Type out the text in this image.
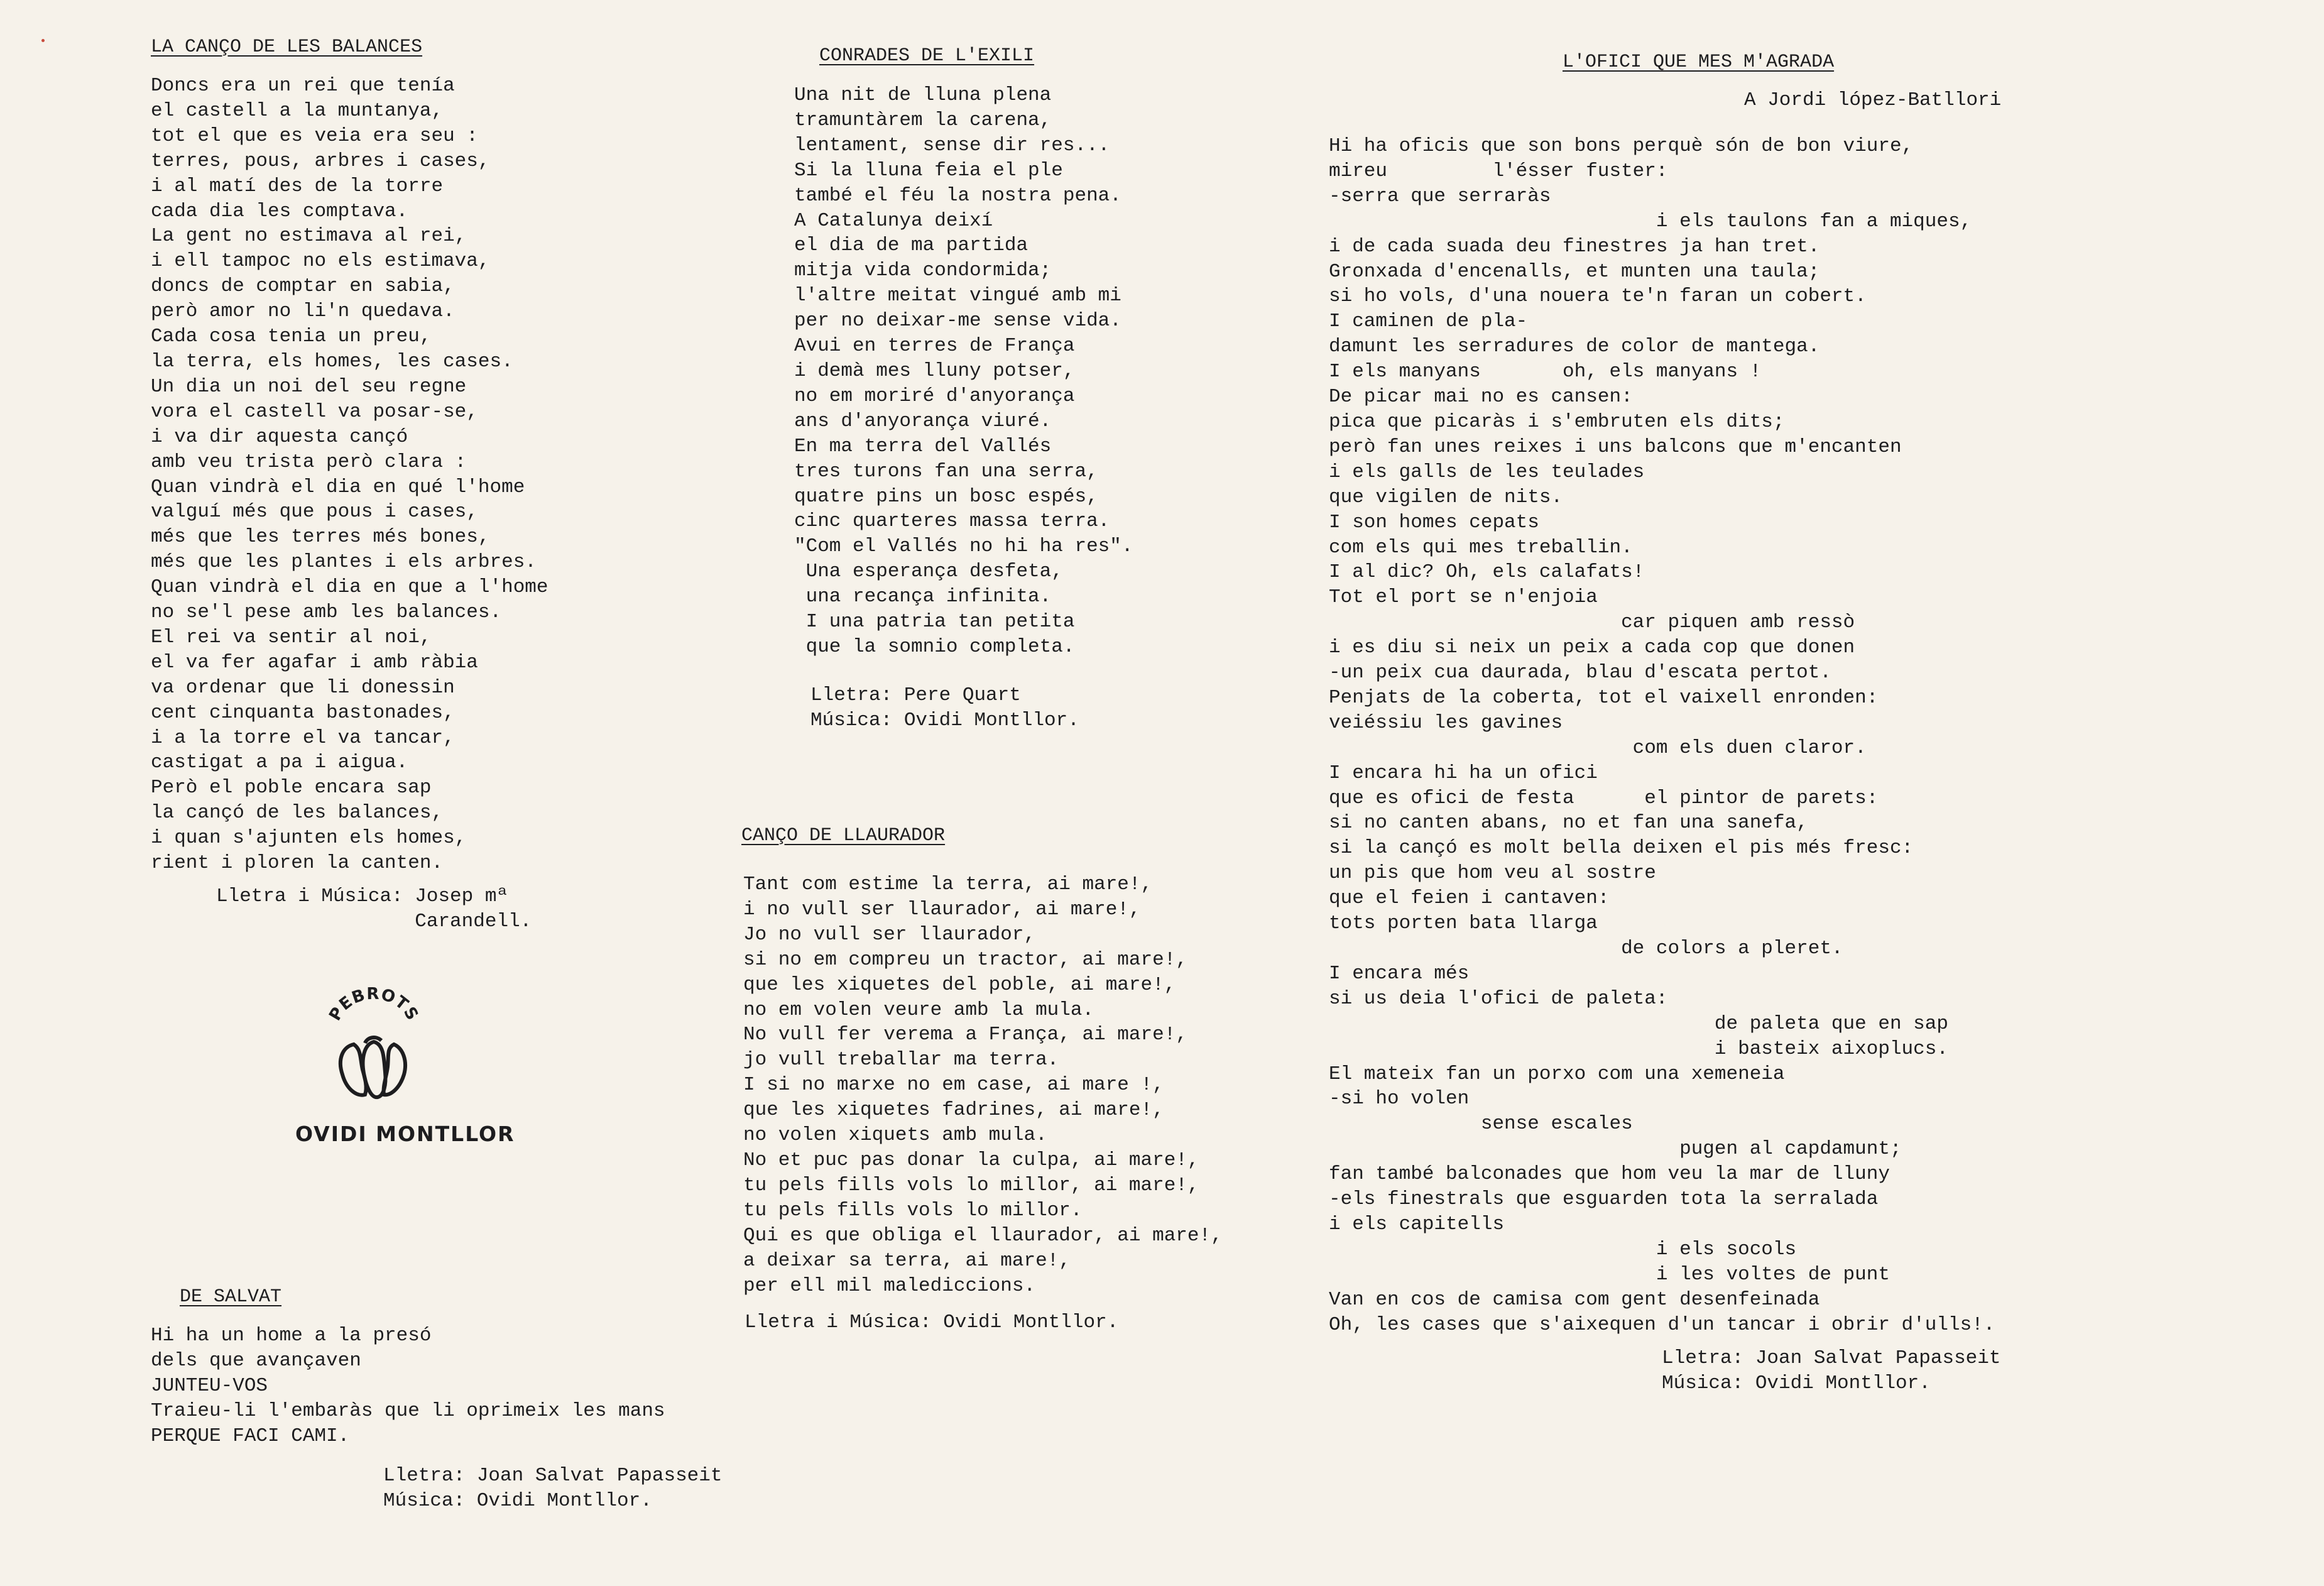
LA CANÇO DE LES BALANCES
Doncs era un rei que tenía
el castell a la muntanya,
tot el que es veia era seu :
terres, pous, arbres i cases,
i al matí des de la torre
cada dia les comptava.
La gent no estimava al rei,
i ell tampoc no els estimava,
doncs de comptar en sabia,
però amor no li'n quedava.
Cada cosa tenia un preu,
la terra, els homes, les cases.
Un dia un noi del seu regne
vora el castell va posar-se,
i va dir aquesta cançó
amb veu trista però clara :
Quan vindrà el dia en qué l'home
valguí més que pous i cases,
més que les terres més bones,
més que les plantes i els arbres.
Quan vindrà el dia en que a l'home
no se'l pese amb les balances.
El rei va sentir al noi,
el va fer agafar i amb ràbia
va ordenar que li donessin
cent cinquanta bastonades,
i a la torre el va tancar,
castigat a pa i aigua.
Però el poble encara sap
la cançó de les balances,
i quan s'ajunten els homes,
rient i ploren la canten.
Lletra i Música: Josep mª
Carandell.
PEBROTS
OVIDI MONTLLOR
DE SALVAT
Hi ha un home a la presó
dels que avançaven
JUNTEU-VOS
Traieu-li l'embaràs que li oprimeix les mans
PERQUE FACI CAMI.
Lletra: Joan Salvat Papasseit
Música: Ovidi Montllor.
CONRADES DE L'EXILI
Una nit de lluna plena
tramuntàrem la carena,
lentament, sense dir res...
Si la lluna feia el ple
també el féu la nostra pena.
A Catalunya deixí
el dia de ma partida
mitja vida condormida;
l'altre meitat vingué amb mi
per no deixar-me sense vida.
Avui en terres de França
i demà mes lluny potser,
no em moriré d'anyorança
ans d'anyorança viuré.
En ma terra del Vallés
tres turons fan una serra,
quatre pins un bosc espés,
cinc quarteres massa terra.
"Com el Vallés no hi ha res".
Una esperança desfeta,
una recança infinita.
I una patria tan petita
que la somnio completa.
Lletra: Pere Quart
Música: Ovidi Montllor.
CANÇO DE LLAURADOR
Tant com estime la terra, ai mare!,
i no vull ser llaurador, ai mare!,
Jo no vull ser llaurador,
si no em compreu un tractor, ai mare!,
que les xiquetes del poble, ai mare!,
no em volen veure amb la mula.
No vull fer verema a França, ai mare!,
jo vull treballar ma terra.
I si no marxe no em case, ai mare !,
que les xiquetes fadrines, ai mare!,
no volen xiquets amb mula.
No et puc pas donar la culpa, ai mare!,
tu pels fills vols lo millor, ai mare!,
tu pels fills vols lo millor.
Qui es que obliga el llaurador, ai mare!,
a deixar sa terra, ai mare!,
per ell mil malediccions.
Lletra i Música: Ovidi Montllor.
L'OFICI QUE MES M'AGRADA
A Jordi lópez-Batllori
Hi ha oficis que son bons perquè són de bon viure,
mireu         l'ésser fuster:
-serra que serraràs
i els taulons fan a miques,
i de cada suada deu finestres ja han tret.
Gronxada d'encenalls, et munten una taula;
si ho vols, d'una nouera te'n faran un cobert.
I caminen de pla-
damunt les serradures de color de mantega.
I els manyans       oh, els manyans !
De picar mai no es cansen:
pica que picaràs i s'embruten els dits;
però fan unes reixes i uns balcons que m'encanten
i els galls de les teulades
que vigilen de nits.
I son homes cepats
com els qui mes treballin.
I al dic? Oh, els calafats!
Tot el port se n'enjoia
car piquen amb ressò
i es diu si neix un peix a cada cop que donen
-un peix cua daurada, blau d'escata pertot.
Penjats de la coberta, tot el vaixell enronden:
veiéssiu les gavines
com els duen claror.
I encara hi ha un ofici
que es ofici de festa      el pintor de parets:
si no canten abans, no et fan una sanefa,
si la cançó es molt bella deixen el pis més fresc:
un pis que hom veu al sostre
que el feien i cantaven:
tots porten bata llarga
de colors a pleret.
I encara més
si us deia l'ofici de paleta:
de paleta que en sap
i basteix aixoplucs.
El mateix fan un porxo com una xemeneia
-si ho volen
sense escales
pugen al capdamunt;
fan també balconades que hom veu la mar de lluny
-els finestrals que esguarden tota la serralada
i els capitells
i els socols
i les voltes de punt
Van en cos de camisa com gent desenfeinada
Oh, les cases que s'aixequen d'un tancar i obrir d'ulls!.
Lletra: Joan Salvat Papasseit
Música: Ovidi Montllor.
